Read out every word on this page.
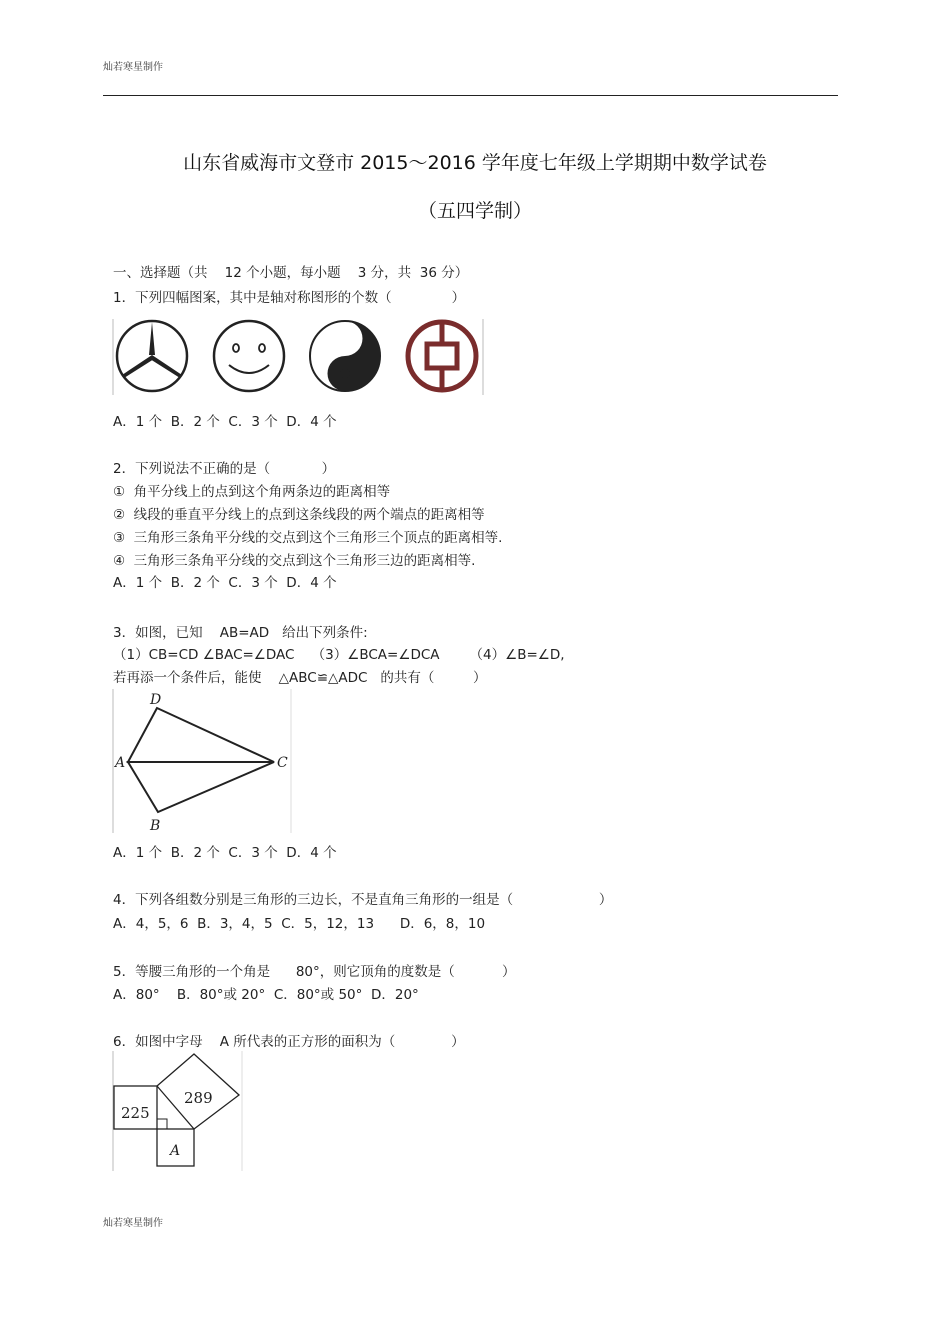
灿若寒星制作
山东省威海市文登市 2015～2016 学年度七年级上学期期中数学试卷
（五四学制）
一、选择题（共    12 个小题，每小题    3 分，共  36 分）
1．下列四幅图案，其中是轴对称图形的个数（              ）
A．1 个  B．2 个  C．3 个  D．4 个
2．下列说法不正确的是（            ）
①  角平分线上的点到这个角两条边的距离相等
②  线段的垂直平分线上的点到这条线段的两个端点的距离相等
③  三角形三条角平分线的交点到这个三角形三个顶点的距离相等.
④  三角形三条角平分线的交点到这个三角形三边的距离相等.
A．1 个  B．2 个  C．3 个  D．4 个
3．如图，已知    AB=AD   给出下列条件:
（1）CB=CD ∠BAC=∠DAC    （3）∠BCA=∠DCA       （4）∠B=∠D,
若再添一个条件后，能使    △ABC≌△ADC   的共有（         ）
D
A	C
B
A．1 个  B．2 个  C．3 个  D．4 个
4．下列各组数分别是三角形的三边长，不是直角三角形的一组是（                    ）
A．4，5，6  B．3，4，5  C．5，12，13      D．6，8，10
5．等腰三角形的一个角是      80°，则它顶角的度数是（           ）
A．80°    B．80°或 20°  C．80°或 50°  D．20°
6．如图中字母    A 所代表的正方形的面积为（             ）
225
289
A
灿若寒星制作
